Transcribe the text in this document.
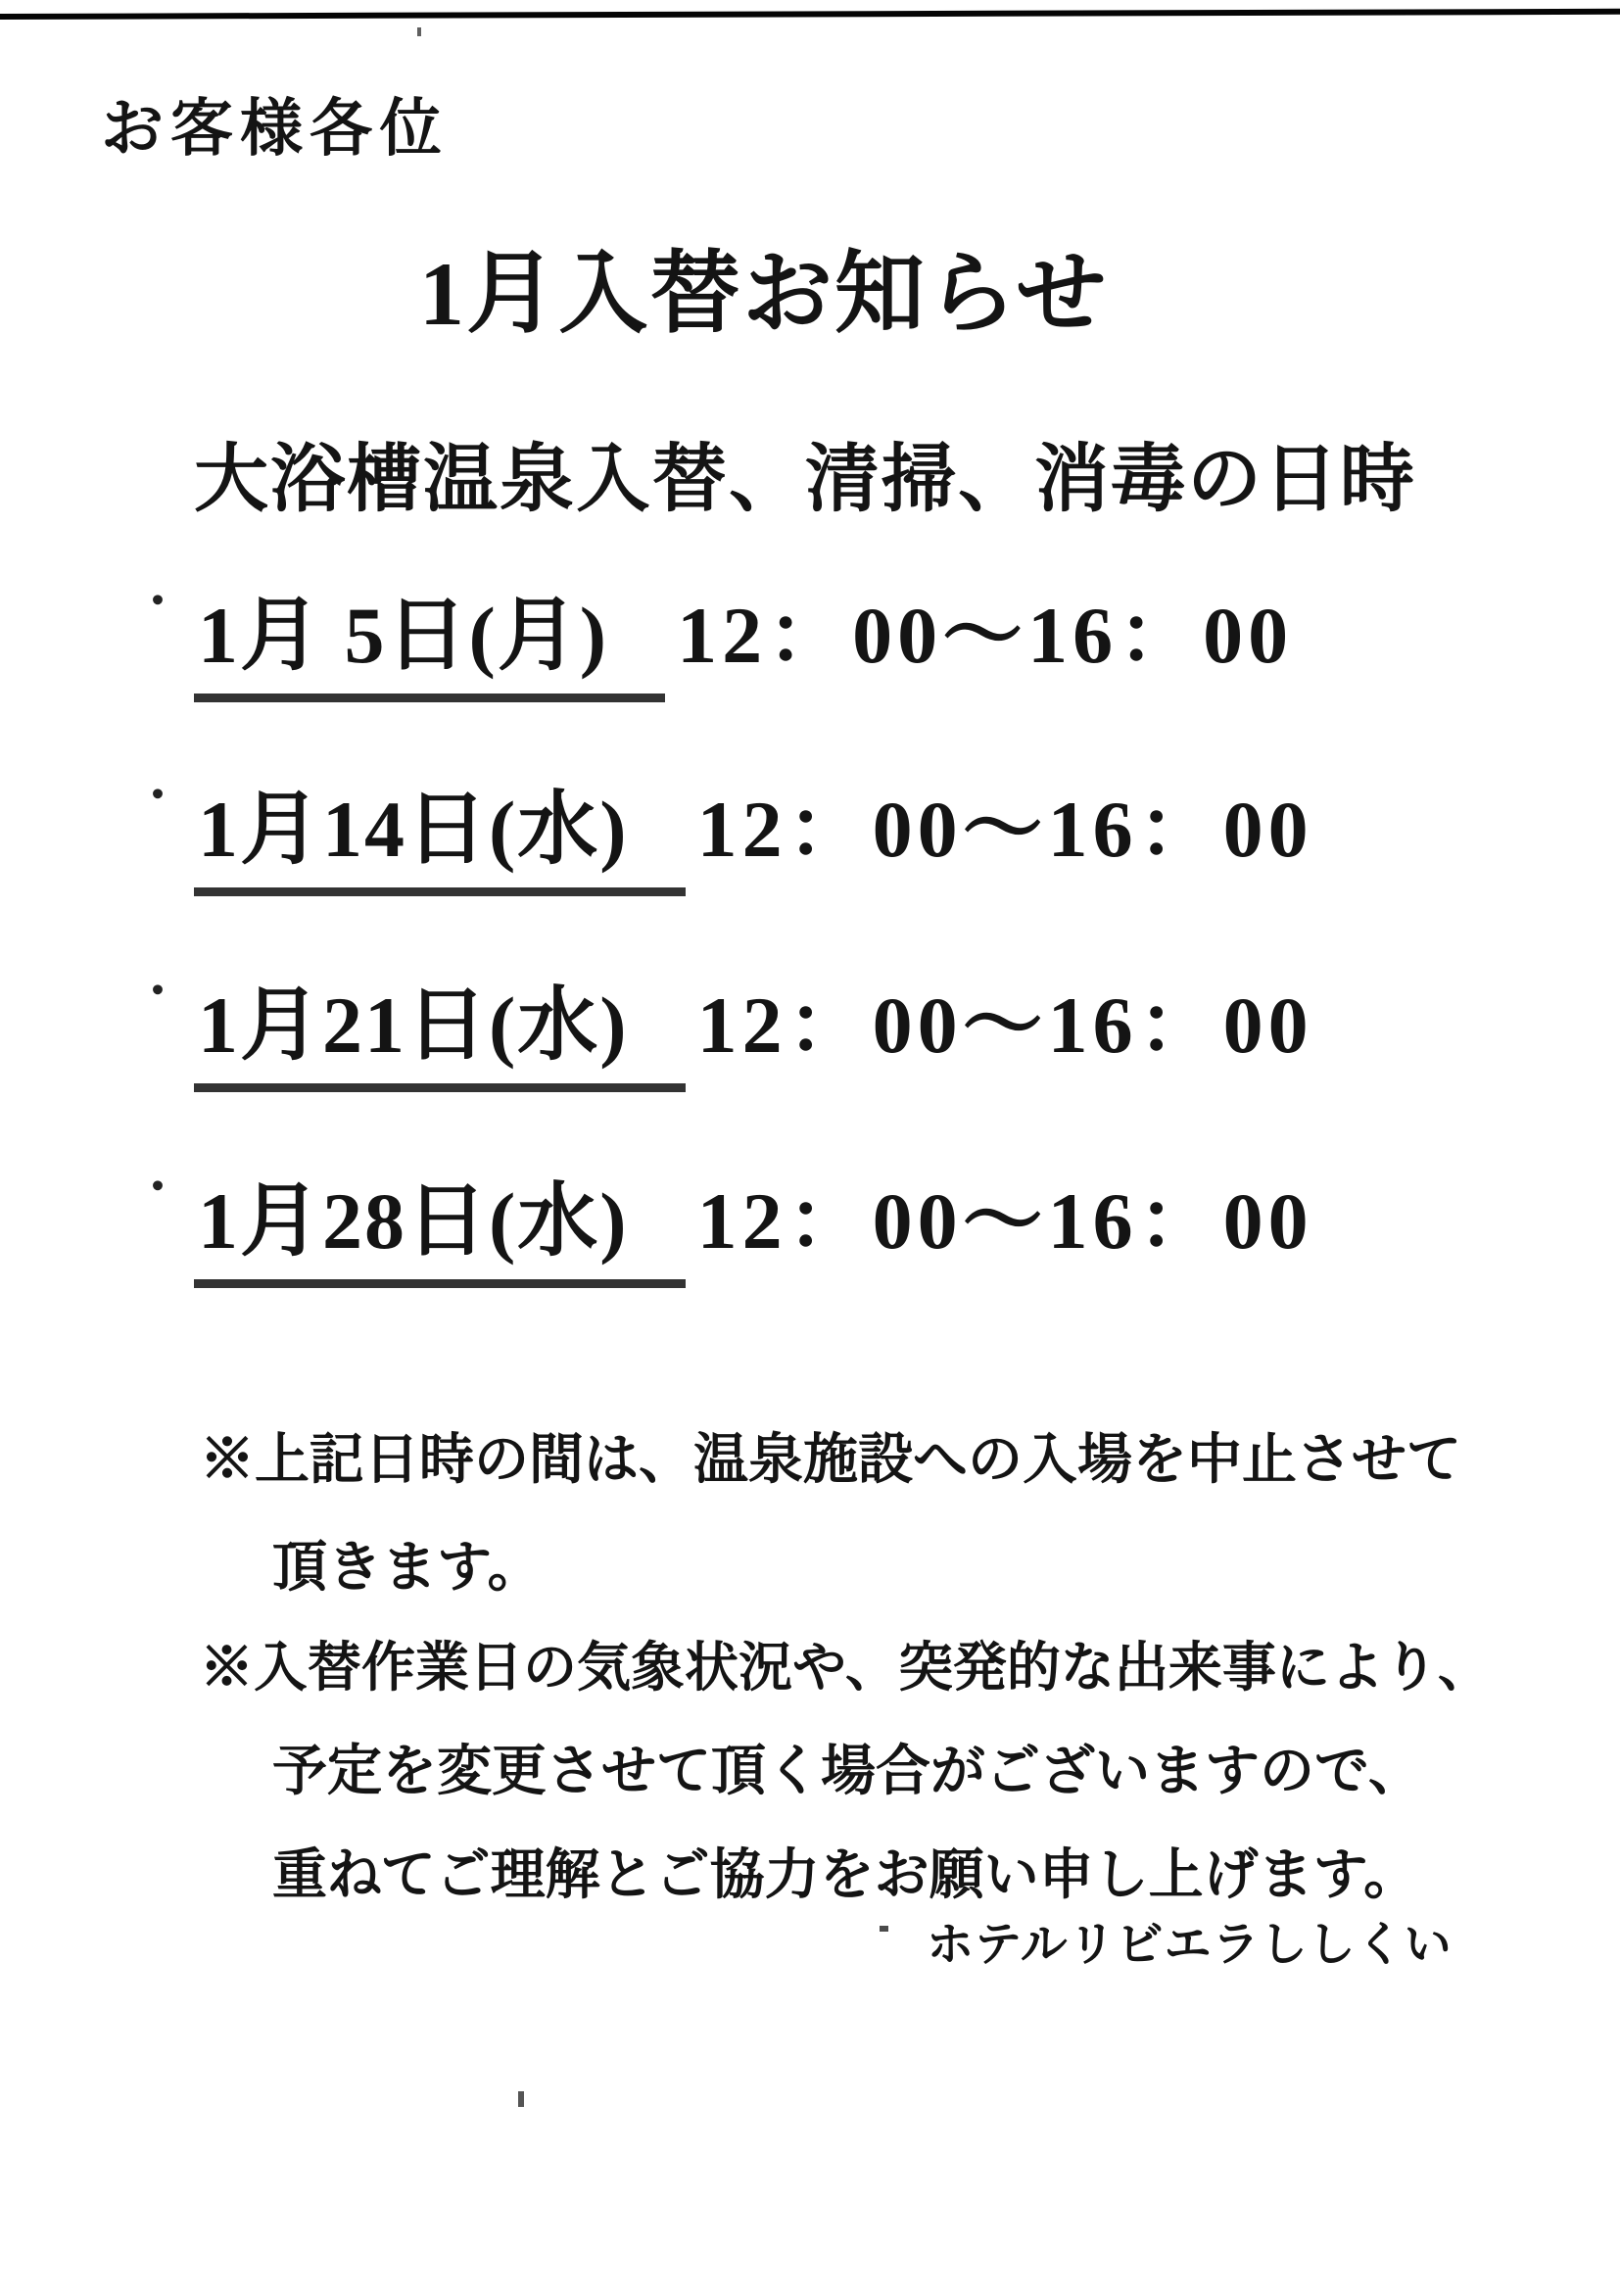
お客様各位
1月入替お知らせ
大浴槽温泉入替、清掃、消毒の日時
・ 1月 5日(月) 12：00〜16：00
・ 1月14日(水) 12：00〜16：00
・ 1月21日(水) 12：00〜16：00
・ 1月28日(水) 12：00〜16：00
※上記日時の間は、温泉施設への入場を中止させて
頂きます。
※入替作業日の気象状況や、突発的な出来事により、
予定を変更させて頂く場合がございますので、
重ねてご理解とご協力をお願い申し上げます。
ホテルリビエラししくい
